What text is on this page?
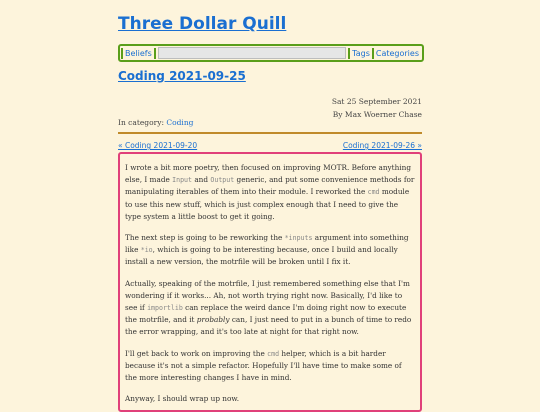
Three Dollar Quill
Beliefs	Tags Categories
Coding 2021-09-25
Sat 25 September 2021
By Max Woerner Chase
In category: Coding
« Coding 2021-09-20	Coding 2021-09-26 »

I wrote a bit more poetry, then focused on improving MOTR. Before anything else, I made Input and Output generic, and put some convenience methods for manipulating iterables of them into their module. I reworked the cmd module to use this new stuff, which is just complex enough that I need to give the type system a little boost to get it going.

The next step is going to be reworking the *inputs argument into something like *io, which is going to be interesting because, once I build and locally install a new version, the motrfile will be broken until I fix it.

Actually, speaking of the motrfile, I just remembered something else that I'm wondering if it works... Ah, not worth trying right now. Basically, I'd like to see if importlib can replace the weird dance I'm doing right now to execute the motrfile, and it probably can, I just need to put in a bunch of time to redo the error wrapping, and it's too late at night for that right now.

I'll get back to work on improving the cmd helper, which is a bit harder because it's not a simple refactor. Hopefully I'll have time to make some of the more interesting changes I have in mind.

Anyway, I should wrap up now.
